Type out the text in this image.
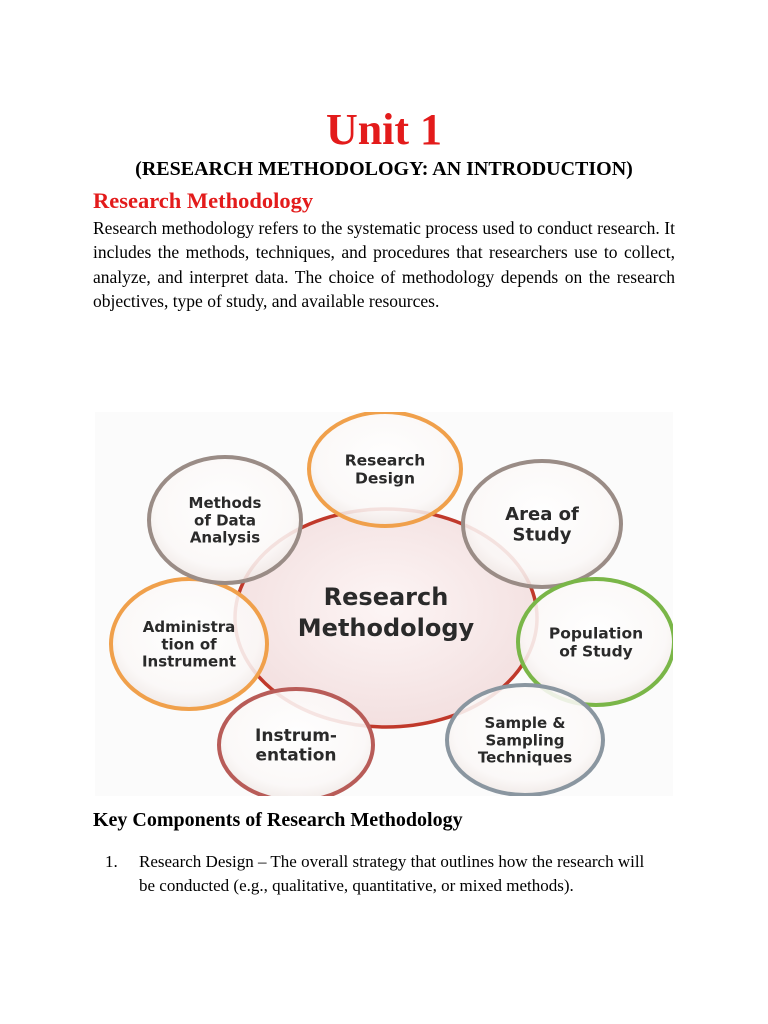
Unit 1
(RESEARCH METHODOLOGY: AN INTRODUCTION)
Research Methodology

Research methodology refers to the systematic process used to conduct research. It includes the methods, techniques, and procedures that researchers use to collect, analyze, and interpret data. The choice of methodology depends on the research objectives, type of study, and available resources.

Research Methodology
Research Design
Area of Study
Population of Study
Sample & Sampling Techniques
Instrum-entation
Administra tion of Instrument
Methods of Data Analysis
Key Components of Research Methodology
1. Research Design – The overall strategy that outlines how the research will be conducted (e.g., qualitative, quantitative, or mixed methods).
